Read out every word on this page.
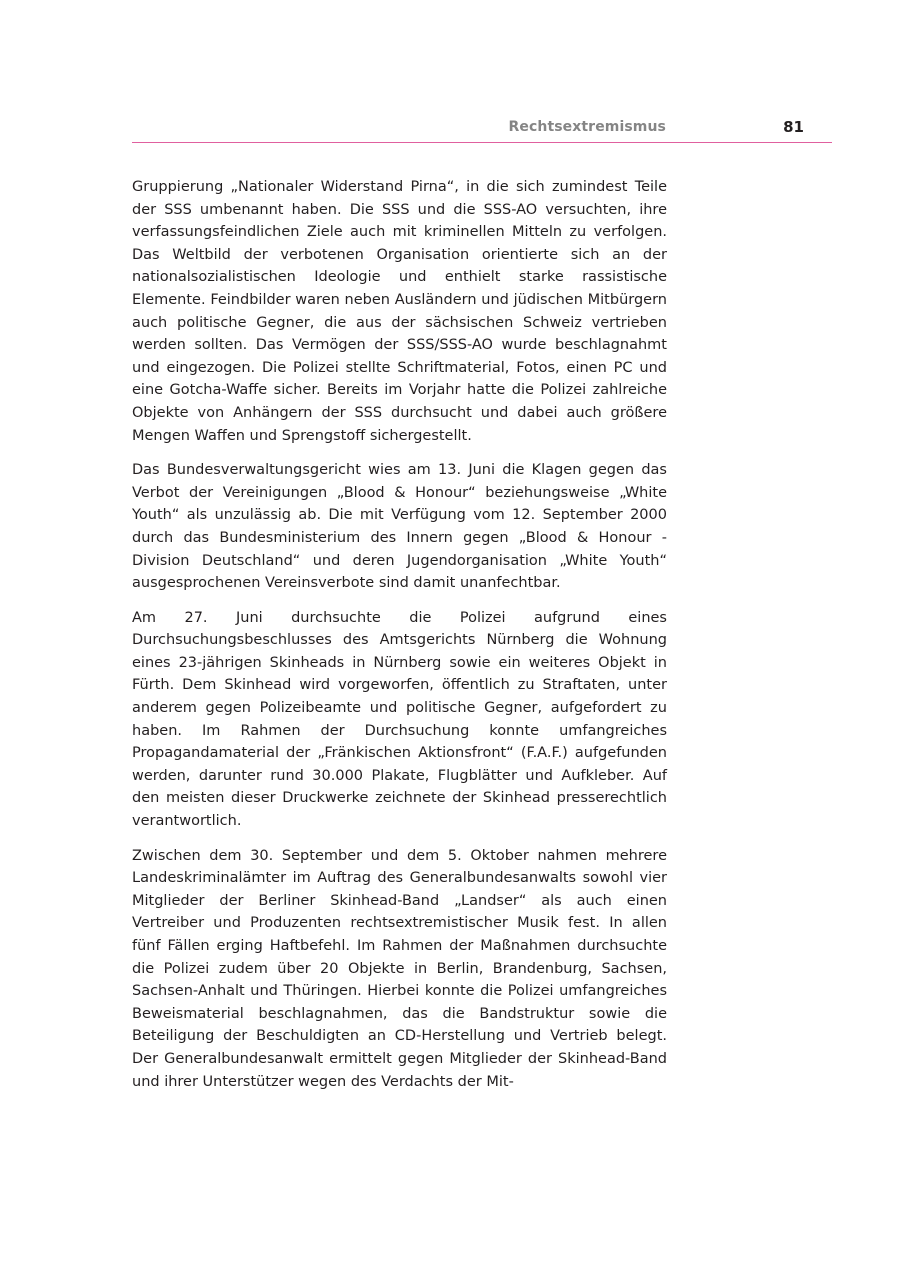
Rechtsextremismus	81

Gruppierung „Nationaler Widerstand Pirna“, in die sich zumindest Teile der SSS umbenannt haben. Die SSS und die SSS-AO versuchten, ihre verfassungsfeindlichen Ziele auch mit kriminellen Mitteln zu verfolgen. Das Weltbild der verbotenen Organisation orientierte sich an der nationalsozialistischen Ideologie und enthielt starke rassistische Elemente. Feindbilder waren neben Ausländern und jüdischen Mitbürgern auch politische Gegner, die aus der sächsischen Schweiz vertrieben werden sollten. Das Vermögen der SSS/SSS-AO wurde beschlagnahmt und eingezogen. Die Polizei stellte Schriftmaterial, Fotos, einen PC und eine Gotcha-Waffe sicher. Bereits im Vorjahr hatte die Polizei zahlreiche Objekte von Anhängern der SSS durchsucht und dabei auch größere Mengen Waffen und Sprengstoff sichergestellt.

Das Bundesverwaltungsgericht wies am 13. Juni die Klagen gegen das Verbot der Vereinigungen „Blood & Honour“ beziehungsweise „White Youth“ als unzulässig ab. Die mit Verfügung vom 12. September 2000 durch das Bundesministerium des Innern gegen „Blood & Honour - Division Deutschland“ und deren Jugendorganisation „White Youth“ ausgesprochenen Vereinsverbote sind damit unanfechtbar.

Am 27. Juni durchsuchte die Polizei aufgrund eines Durchsuchungsbeschlusses des Amtsgerichts Nürnberg die Wohnung eines 23-jährigen Skinheads in Nürnberg sowie ein weiteres Objekt in Fürth. Dem Skinhead wird vorgeworfen, öffentlich zu Straftaten, unter anderem gegen Polizeibeamte und politische Gegner, aufgefordert zu haben. Im Rahmen der Durchsuchung konnte umfangreiches Propagandamaterial der „Fränkischen Aktionsfront“ (F.A.F.) aufgefunden werden, darunter rund 30.000 Plakate, Flugblätter und Aufkleber. Auf den meisten dieser Druckwerke zeichnete der Skinhead presserechtlich verantwortlich.

Zwischen dem 30. September und dem 5. Oktober nahmen mehrere Landeskriminalämter im Auftrag des Generalbundesanwalts sowohl vier Mitglieder der Berliner Skinhead-Band „Landser“ als auch einen Vertreiber und Produzenten rechtsextremistischer Musik fest. In allen fünf Fällen erging Haftbefehl. Im Rahmen der Maßnahmen durchsuchte die Polizei zudem über 20 Objekte in Berlin, Brandenburg, Sachsen, Sachsen-Anhalt und Thüringen. Hierbei konnte die Polizei umfangreiches Beweismaterial beschlagnahmen, das die Bandstruktur sowie die Beteiligung der Beschuldigten an CD-Herstellung und Vertrieb belegt. Der Generalbundesanwalt ermittelt gegen Mitglieder der Skinhead-Band und ihrer Unterstützer wegen des Verdachts der Mit-
